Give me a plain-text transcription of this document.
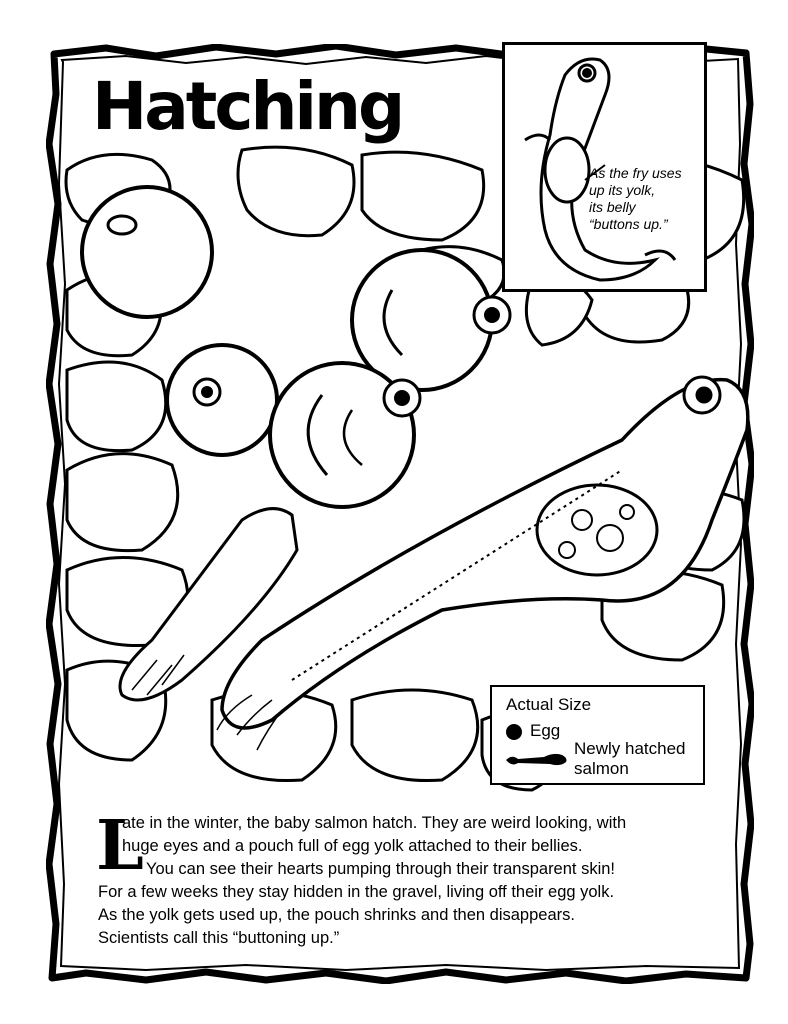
Hatching
As the fry uses
up its yolk,
its belly
“buttons up.”
Actual Size
Egg
Newly hatched
salmon
L
ate in the winter, the baby salmon hatch. They are weird looking, with
huge eyes and a pouch full of egg yolk attached to their bellies.
You can see their hearts pumping through their transparent skin!
For a few weeks they stay hidden in the gravel, living off their egg yolk.
As the yolk gets used up, the pouch shrinks and then disappears.
Scientists call this “buttoning up.”
